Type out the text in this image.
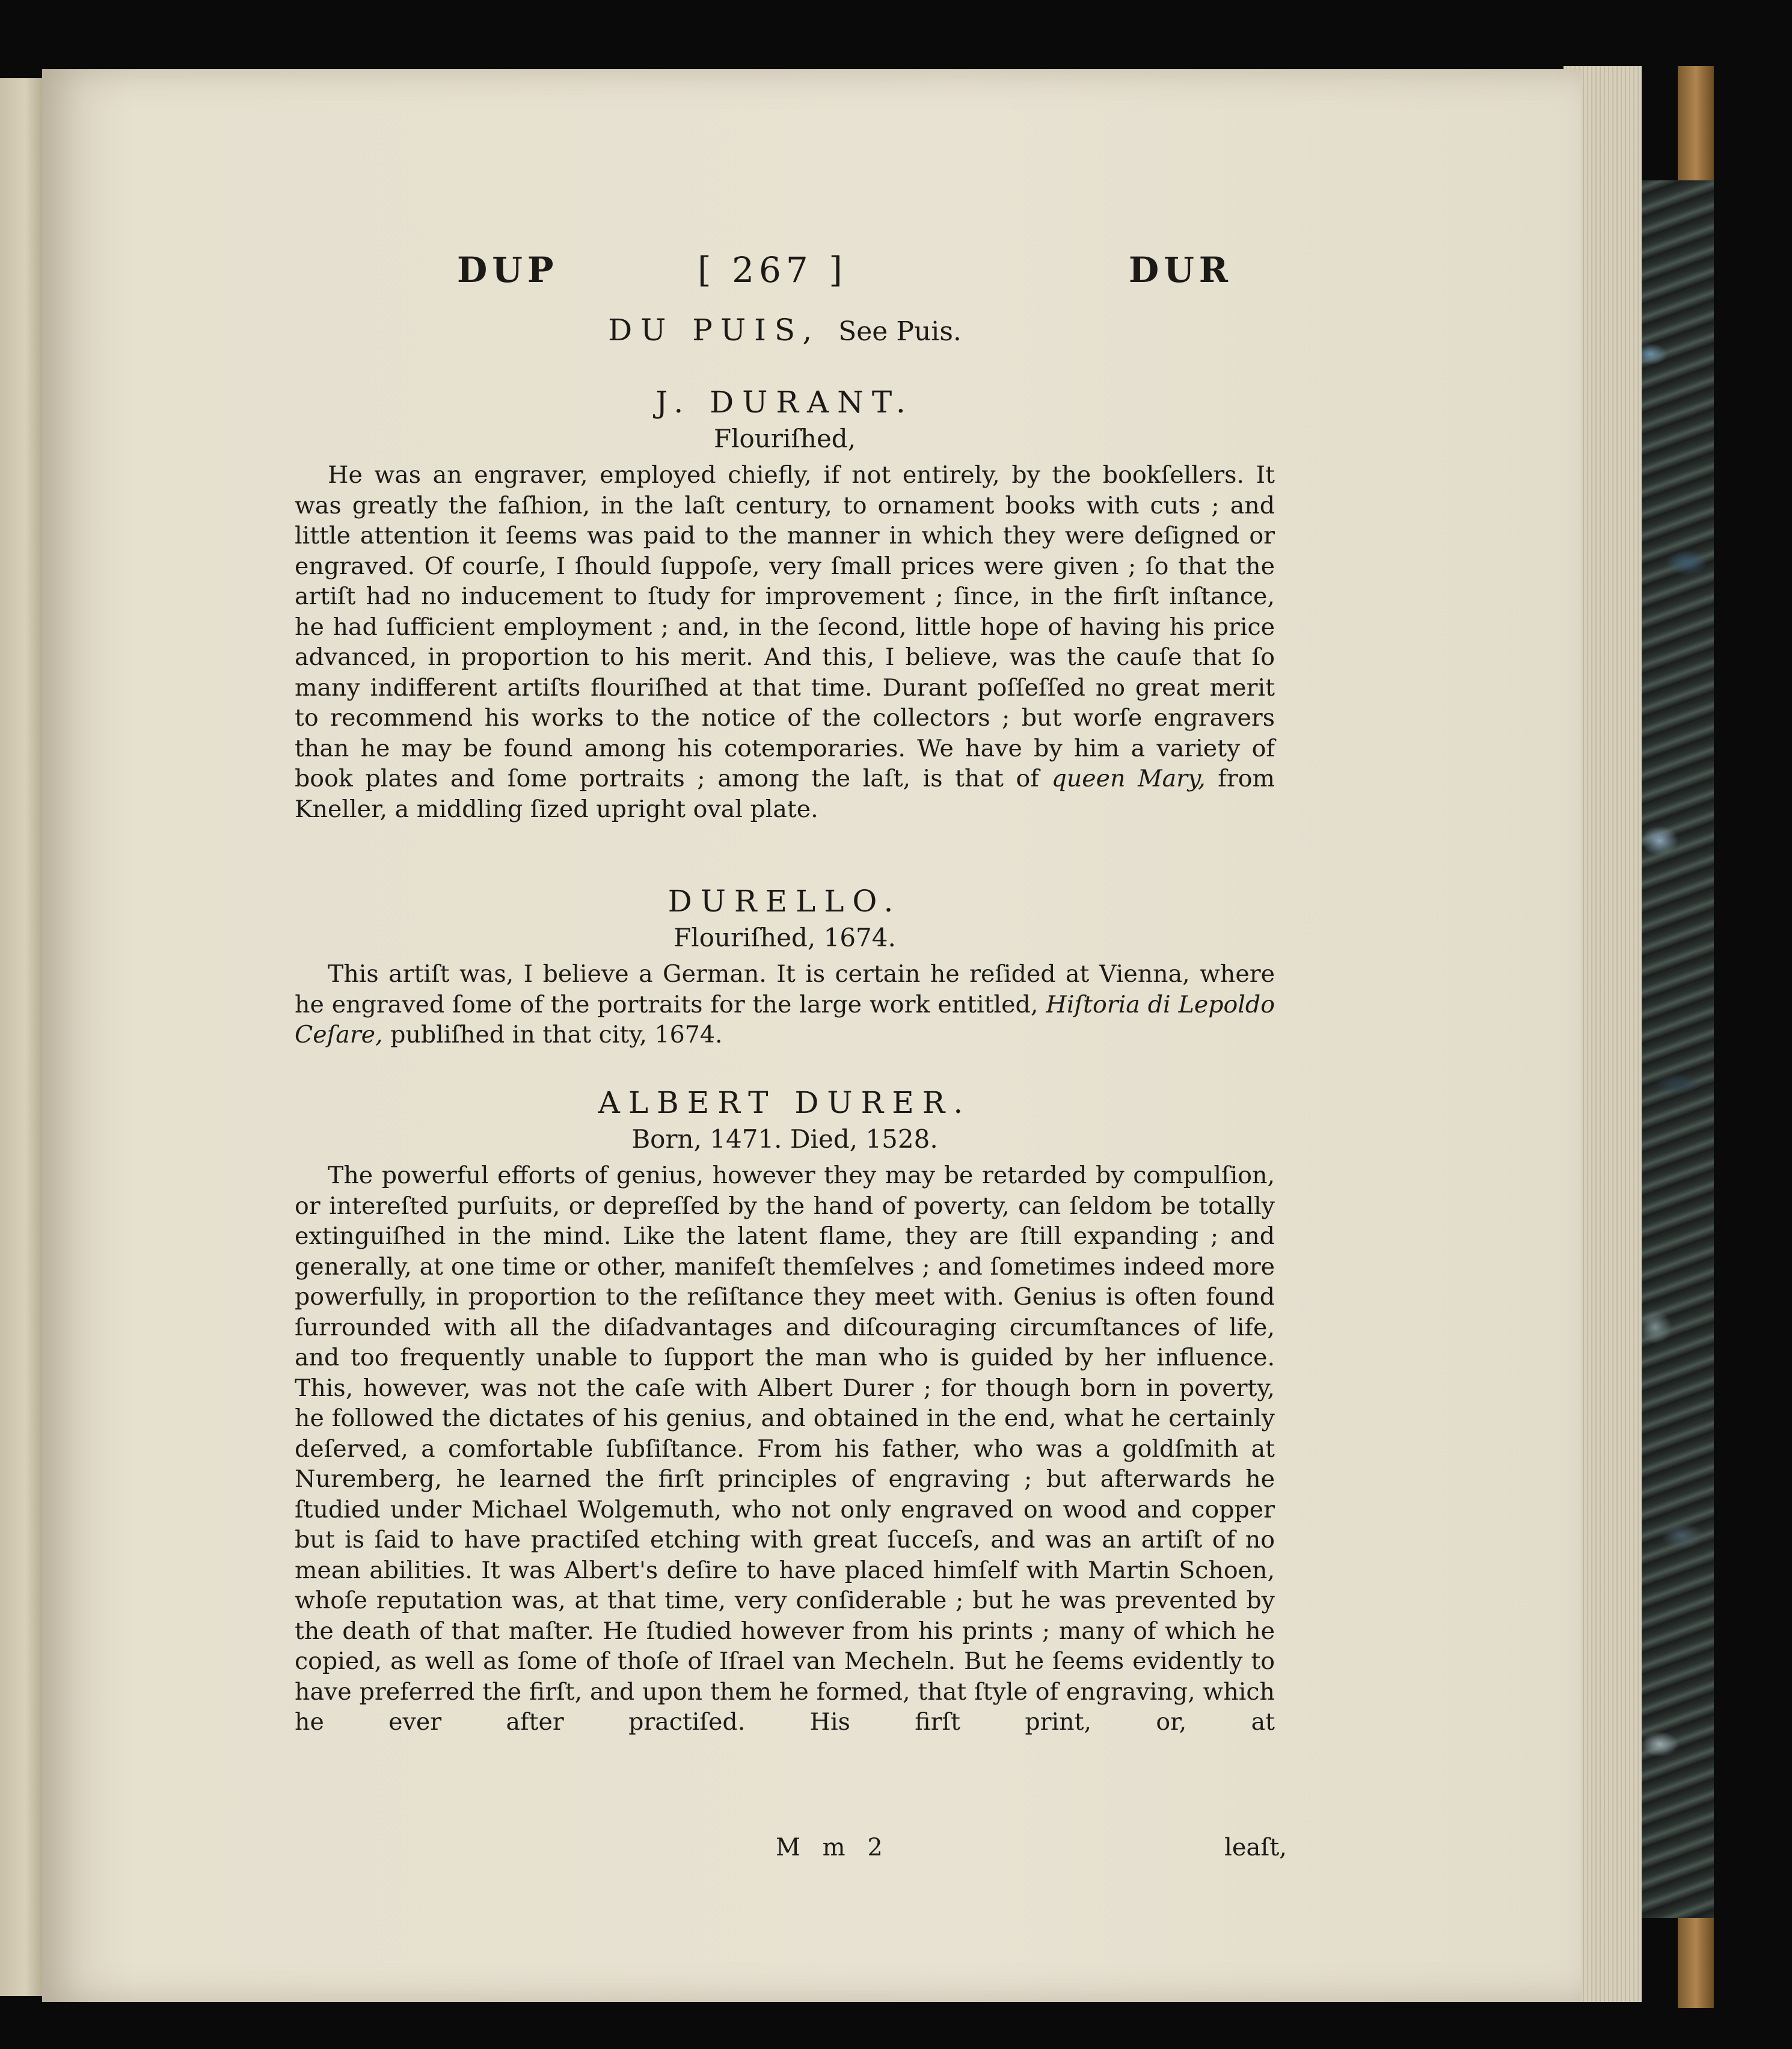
DUP	[ 267 ]	DUR
DU PUIS, See Puis.
J. DURANT.
Flouriſhed,

He was an engraver, employed chiefly, if not entirely, by the bookſellers. It was greatly the faſhion, in the laſt century, to ornament books with cuts ; and little attention it ſeems was paid to the manner in which they were deſigned or engraved. Of courſe, I ſhould ſuppoſe, very ſmall prices were given ; ſo that the artiſt had no inducement to ſtudy for improvement ; ſince, in the firſt inſtance, he had ſufficient employment ; and, in the ſecond, little hope of having his price advanced, in proportion to his merit. And this, I believe, was the cauſe that ſo many indifferent artiſts flouriſhed at that time. Durant poſſeſſed no great merit to recommend his works to the notice of the collectors ; but worſe engravers than he may be found among his cotemporaries. We have by him a variety of book plates and ſome portraits ; among the laſt, is that of queen Mary, from Kneller, a middling ſized upright oval plate.

DURELLO.
Flouriſhed, 1674.

This artiſt was, I believe a German. It is certain he reſided at Vienna, where he engraved ſome of the portraits for the large work entitled, Hiſtoria di Lepoldo Ceſare, publiſhed in that city, 1674.

ALBERT DURER.
Born, 1471. Died, 1528.

The powerful efforts of genius, however they may be retarded by compulſion, or intereſted purſuits, or depreſſed by the hand of poverty, can ſeldom be totally extinguiſhed in the mind. Like the latent flame, they are ſtill expanding ; and generally, at one time or other, manifeſt themſelves ; and ſometimes indeed more powerfully, in proportion to the reſiſtance they meet with. Genius is often found ſurrounded with all the diſadvantages and diſcouraging circumſtances of life, and too frequently unable to ſupport the man who is guided by her influence. This, however, was not the caſe with Albert Durer ; for though born in poverty, he followed the dictates of his genius, and obtained in the end, what he certainly deſerved, a comfortable ſubſiſtance. From his father, who was a goldſmith at Nuremberg, he learned the firſt principles of engraving ; but afterwards he ſtudied under Michael Wolgemuth, who not only engraved on wood and copper but is ſaid to have practiſed etching with great ſucceſs, and was an artiſt of no mean abilities. It was Albert's deſire to have placed himſelf with Martin Schoen, whoſe reputation was, at that time, very conſiderable ; but he was prevented by the death of that maſter. He ſtudied however from his prints ; many of which he copied, as well as ſome of thoſe of Iſrael van Mecheln. But he ſeems evidently to have preferred the firſt, and upon them he formed, that ſtyle of engraving, which he ever after practiſed. His firſt print, or, at

M m 2	leaſt,
